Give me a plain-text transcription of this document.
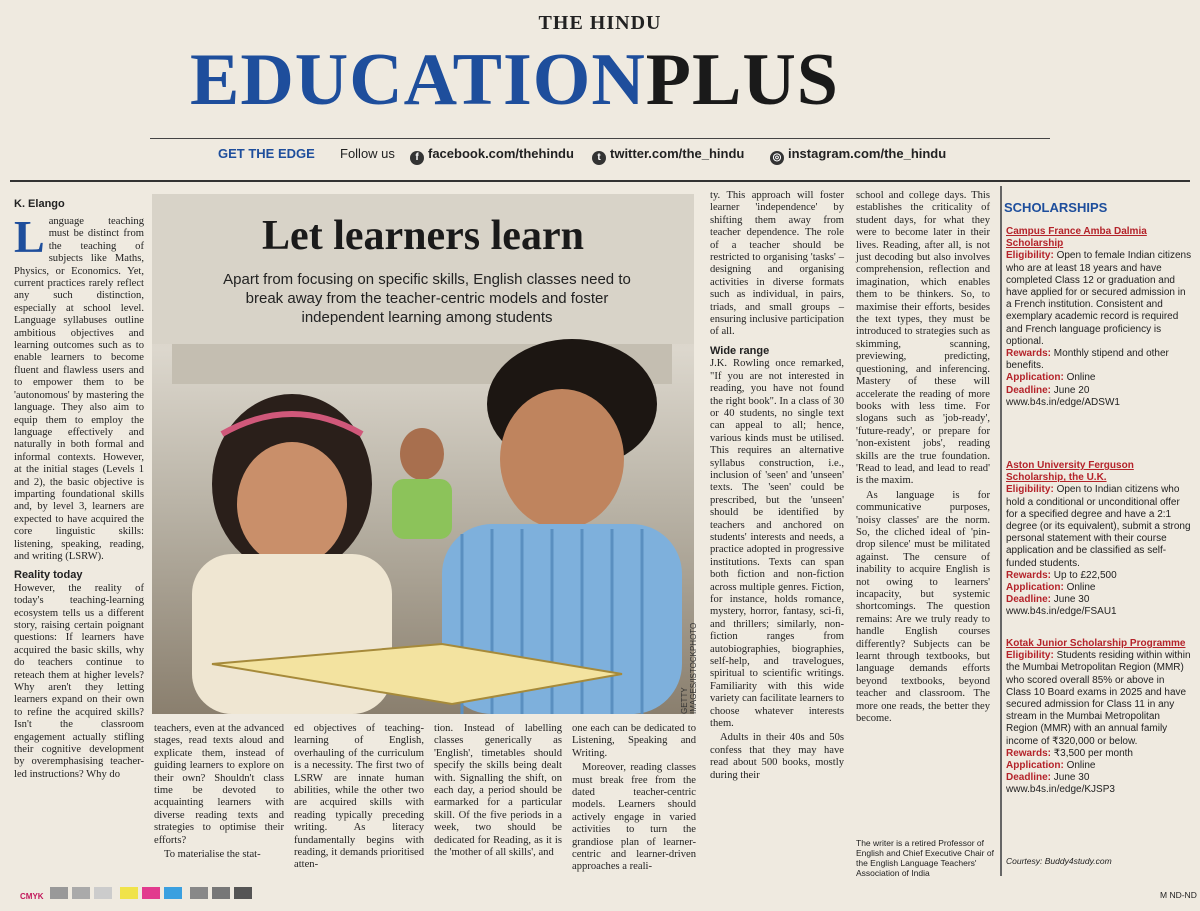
THE HINDU
EDUCATIONPLUS
GET THE EDGE Follow us	f facebook.com/thehindu	t twitter.com/the_hindu	◎ instagram.com/the_hindu
K. Elango

Language teaching must be distinct from the teaching of subjects like Maths, Physics, or Economics. Yet, current practices rarely reflect any such distinction, especially at school level. Language syllabuses outline ambitious objectives and learning outcomes such as to enable learners to become fluent and flawless users and to empower them to be 'autonomous' by mastering the language. They also aim to equip them to employ the language effectively and naturally in both formal and informal contexts. However, at the initial stages (Levels 1 and 2), the basic objective is imparting foundational skills and, by level 3, learners are expected to have acquired the core linguistic skills: listening, speaking, reading, and writing (LSRW).

Reality today

However, the reality of today's teaching-learning ecosystem tells us a different story, raising certain poignant questions: If learners have acquired the basic skills, why do teachers continue to reteach them at higher levels? Why aren't they letting learners expand on their own to refine the acquired skills? Isn't the classroom engagement actually stifling their cognitive development by overemphasising teacher-led instructions? Why do

Let learners learn
Apart from focusing on specific skills, English classes need to break away from the teacher-centric models and foster independent learning among students
GETTY IMAGES/ISTOCKPHOTO

teachers, even at the advanced stages, read texts aloud and explicate them, instead of guiding learners to explore on their own? Shouldn't class time be devoted to acquainting learners with diverse reading texts and strategies to optimise their efforts?

To materialise the stat-

ed objectives of teaching-learning of English, overhauling of the curriculum is a necessity. The first two of LSRW are innate human abilities, while the other two are acquired skills with reading typically preceding writing. As literacy fundamentally begins with reading, it demands prioritised atten-

tion. Instead of labelling classes generically as 'English', timetables should specify the skills being dealt with. Signalling the shift, on each day, a period should be earmarked for a particular skill. Of the five periods in a week, two should be dedicated for Reading, as it is the 'mother of all skills', and

one each can be dedicated to Listening, Speaking and Writing.

Moreover, reading classes must break free from the dated teacher-centric models. Learners should actively engage in varied activities to turn the grandiose plan of learner-centric and learner-driven approaches a reali-

ty. This approach will foster learner 'independence' by shifting them away from teacher dependence. The role of a teacher should be restricted to organising 'tasks' – designing and organising activities in diverse formats such as individual, in pairs, triads, and small groups – ensuring inclusive participation of all.

Wide range

J.K. Rowling once remarked, "If you are not interested in reading, you have not found the right book". In a class of 30 or 40 students, no single text can appeal to all; hence, various kinds must be utilised. This requires an alternative syllabus construction, i.e., inclusion of 'seen' and 'unseen' texts. The 'seen' could be prescribed, but the 'unseen' should be identified by teachers and anchored on students' interests and needs, a practice adopted in progressive institutions. Texts can span both fiction and non-fiction across multiple genres. Fiction, for instance, holds romance, mystery, horror, fantasy, sci-fi, and thrillers; similarly, non-fiction ranges from autobiographies, biographies, self-help, and travelogues, spiritual to scientific writings. Familiarity with this wide variety can facilitate learners to choose whatever interests them.

Adults in their 40s and 50s confess that they may have read about 500 books, mostly during their

school and college days. This establishes the criticality of student days, for what they were to become later in their lives. Reading, after all, is not just decoding but also involves comprehension, reflection and imagination, which enables them to be thinkers. So, to maximise their efforts, besides the text types, they must be introduced to strategies such as skimming, scanning, previewing, predicting, questioning, and inferencing. Mastery of these will accelerate the reading of more books with less time. For slogans such as 'job-ready', 'future-ready', or prepare for 'non-existent jobs', reading skills are the true foundation. 'Read to lead, and lead to read' is the maxim.

As language is for communicative purposes, 'noisy classes' are the norm. So, the cliched ideal of 'pin-drop silence' must be militated against. The censure of inability to acquire English is not owing to learners' incapacity, but systemic shortcomings. The question remains: Are we truly ready to handle English courses differently? Subjects can be learnt through textbooks, but language demands efforts beyond textbooks, beyond teacher and classroom. The more one reads, the better they become.

The writer is a retired Professor of English and Chief Executive Chair of the English Language Teachers' Association of India
SCHOLARSHIPS
Campus France Amba Dalmia Scholarship
Eligibility: Open to female Indian citizens who are at least 18 years and have completed Class 12 or graduation and have applied for or secured admission in a French institution. Consistent and exemplary academic record is required and French language proficiency is optional.
Rewards: Monthly stipend and other benefits.
Application: Online
Deadline: June 20
www.b4s.in/edge/ADSW1
Aston University Ferguson Scholarship, the U.K.
Eligibility: Open to Indian citizens who hold a conditional or unconditional offer for a specified degree and have a 2:1 degree (or its equivalent), submit a strong personal statement with their course application and be classified as self-funded students.
Rewards: Up to £22,500
Application: Online
Deadline: June 30
www.b4s.in/edge/FSAU1
Kotak Junior Scholarship Programme
Eligibility: Students residing within within the Mumbai Metropolitan Region (MMR) who scored overall 85% or above in Class 10 Board exams in 2025 and have secured admission for Class 11 in any stream in the Mumbai Metropolitan Region (MMR) with an annual family income of ₹320,000 or below.
Rewards: ₹3,500 per month
Application: Online
Deadline: June 30
www.b4s.in/edge/KJSP3
Courtesy: Buddy4study.com
CMYK	M ND-ND
